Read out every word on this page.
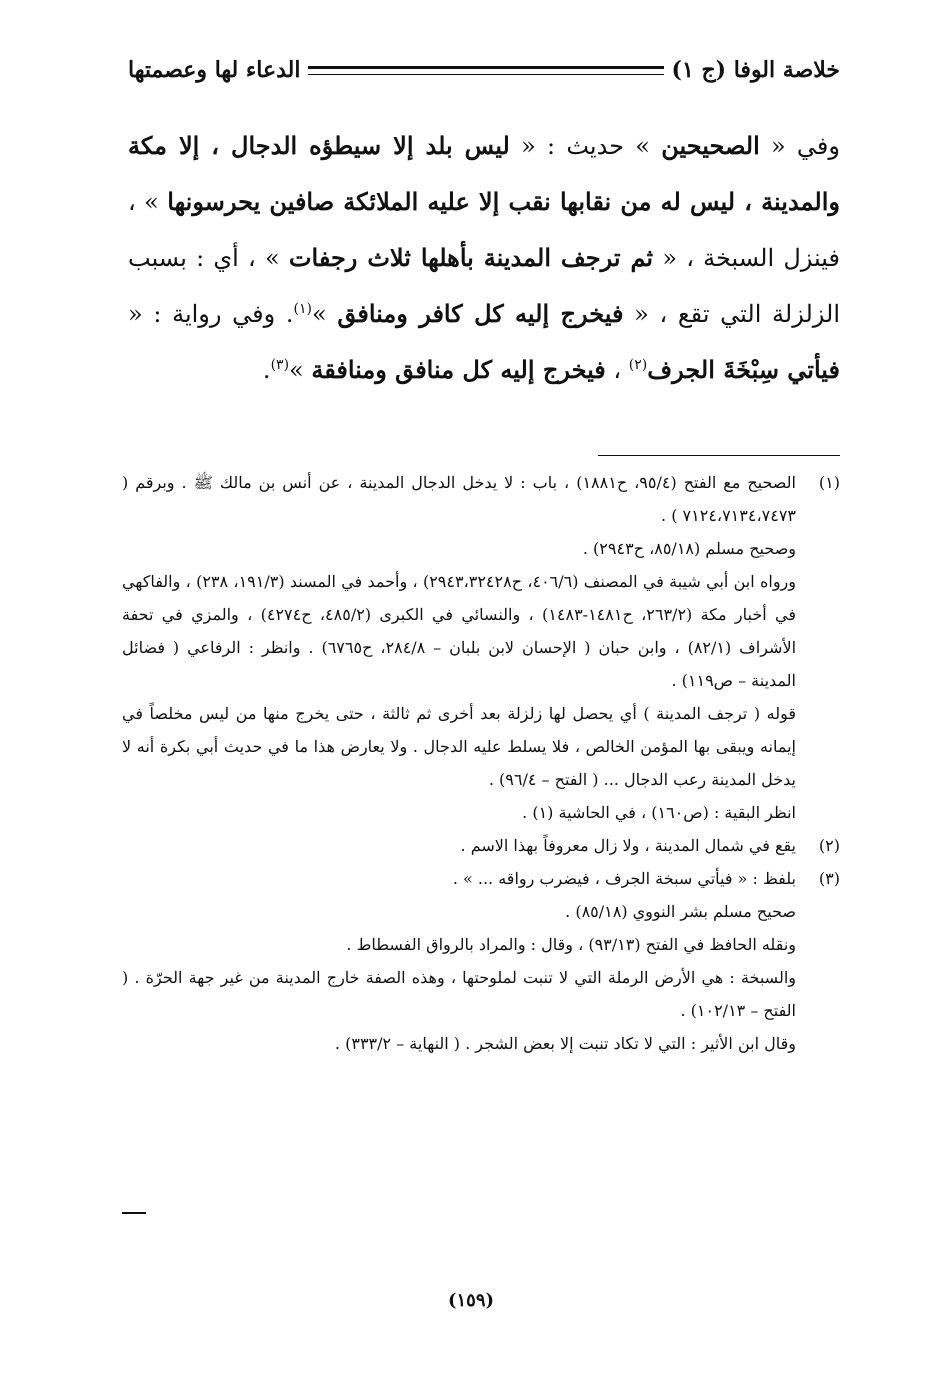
خلاصة الوفا (ج ١)
الدعاء لها وعصمتها
وفي « الصحيحين » حديث : « ليس بلد إلا سيطؤه الدجال ، إلا مكة والمدينة ، ليس له من نقابها نقب إلا عليه الملائكة صافين يحرسونها » ، فينزل السبخة ، « ثم ترجف المدينة بأهلها ثلاث رجفات » ، أي : بسبب الزلزلة التي تقع ، « فيخرج إليه كل كافر ومنافق »$^{(١)}$. وفي رواية : « فيأتي سِبْخَةَ الجرف$^{(٢)}$ ، فيخرج إليه كل منافق ومنافقة »$^{(٣)}$.
(١)
الصحيح مع الفتح (٩٥/٤، ح١٨٨١) ، باب : لا يدخل الدجال المدينة ، عن أنس بن مالك ﷺ . وبرقم ( ٧١٢٤،٧١٣٤،٧٤٧٣ ) .
وصحيح مسلم (٨٥/١٨، ح٢٩٤٣) .
ورواه ابن أبي شيبة في المصنف (٤٠٦/٦، ح٢٩٤٣،٣٢٤٢٨) ، وأحمد في المسند (١٩١/٣، ٢٣٨) ، والفاكهي في أخبار مكة (٢٦٣/٢، ح١٤٨١-١٤٨٣) ، والنسائي في الكبرى (٤٨٥/٢، ح٤٢٧٤) ، والمزي في تحفة الأشراف (٨٢/١) ، وابن حبان ( الإحسان لابن بلبان – ٢٨٤/٨، ح٦٧٦٥) . وانظر : الرفاعي ( فضائل المدينة – ص١١٩) .
قوله ( ترجف المدينة ) أي يحصل لها زلزلة بعد أخرى ثم ثالثة ، حتى يخرج منها من ليس مخلصاً في إيمانه ويبقى بها المؤمن الخالص ، فلا يسلط عليه الدجال . ولا يعارض هذا ما في حديث أبي بكرة أنه لا يدخل المدينة رعب الدجال ... ( الفتح – ٩٦/٤) .
انظر البقية : (ص١٦٠) ، في الحاشية (١) .
(٢)
يقع في شمال المدينة ، ولا زال معروفاً بهذا الاسم .
(٣)
بلفظ : « فيأتي سبخة الجرف ، فيضرب رواقه ... » .
صحيح مسلم بشر النووي (٨٥/١٨) .
ونقله الحافظ في الفتح (٩٣/١٣) ، وقال : والمراد بالرواق الفسطاط .
والسبخة : هي الأرض الرملة التي لا تنبت لملوحتها ، وهذه الصفة خارج المدينة من غير جهة الحرّة . ( الفتح – ١٠٢/١٣) .
وقال ابن الأثير : التي لا تكاد تنبت إلا بعض الشجر . ( النهاية – ٣٣٣/٢) .
(١٥٩)
